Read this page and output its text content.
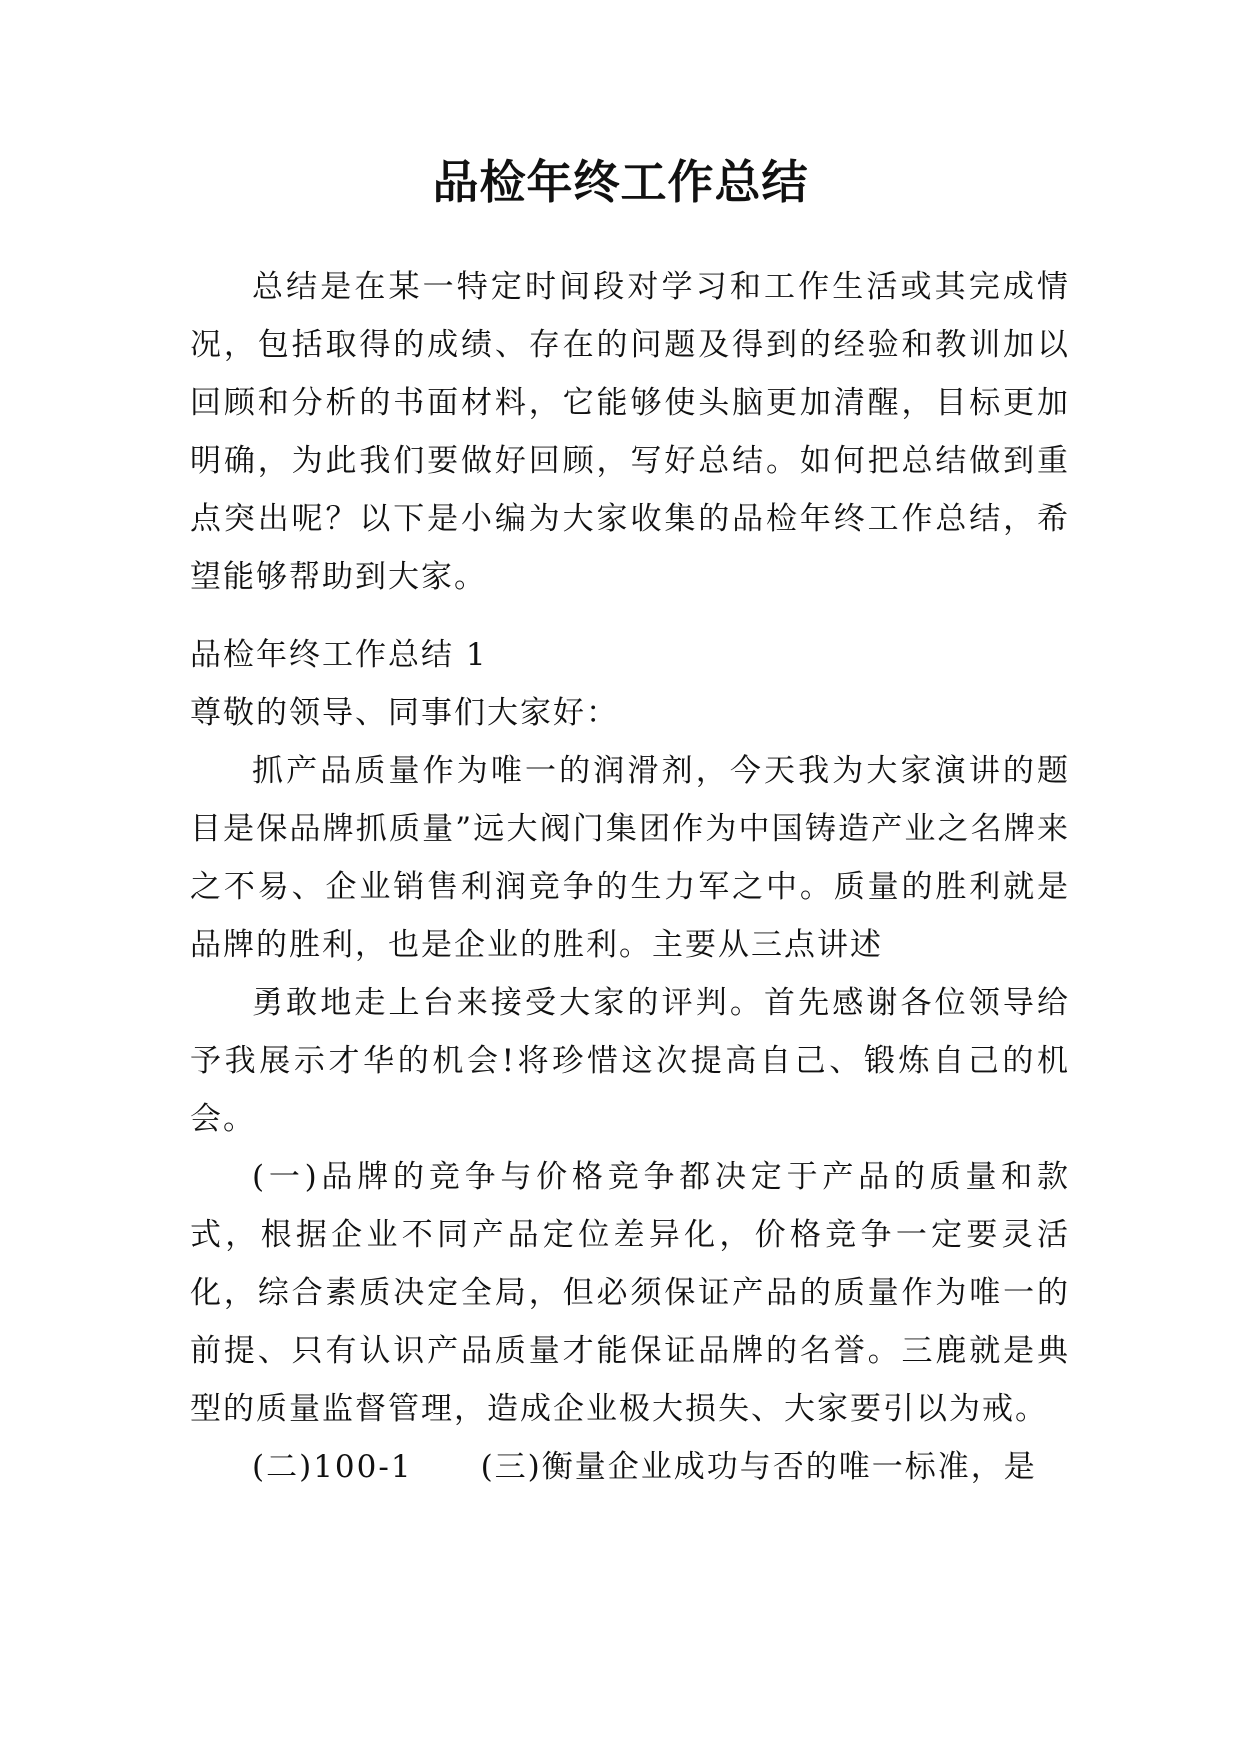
品检年终工作总结

总结是在某一特定时间段对学习和工作生活或其完成情况，包括取得的成绩、存在的问题及得到的经验和教训加以回顾和分析的书面材料，它能够使头脑更加清醒，目标更加明确，为此我们要做好回顾，写好总结。如何把总结做到重点突出呢？以下是小编为大家收集的品检年终工作总结，希望能够帮助到大家。

品检年终工作总结 1

尊敬的领导、同事们大家好：

抓产品质量作为唯一的润滑剂，今天我为大家演讲的题目是保品牌抓质量”远大阀门集团作为中国铸造产业之名牌来之不易、企业销售利润竞争的生力军之中。质量的胜利就是品牌的胜利，也是企业的胜利。主要从三点讲述

勇敢地走上台来接受大家的评判。首先感谢各位领导给予我展示才华的机会!将珍惜这次提高自己、锻炼自己的机会。

(一)品牌的竞争与价格竞争都决定于产品的质量和款式，根据企业不同产品定位差异化，价格竞争一定要灵活化，综合素质决定全局，但必须保证产品的质量作为唯一的前提、只有认识产品质量才能保证品牌的名誉。三鹿就是典型的质量监督管理，造成企业极大损失、大家要引以为戒。

(二)100-1 (三)衡量企业成功与否的唯一标准，是
